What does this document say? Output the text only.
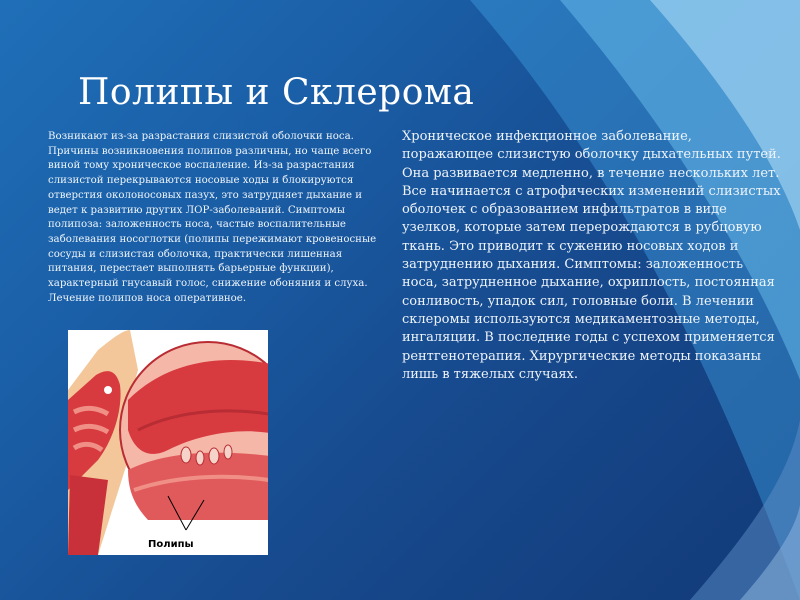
Полипы и Склерома

Возникают из-за разрастания слизистой оболочки носа. Причины возникновения полипов различны, но чаще всего виной тому хроническое воспаление. Из-за разрастания слизистой перекрываются носовые ходы и блокируются отверстия околоносовых пазух, это затрудняет дыхание и ведет к развитию других ЛОР-заболеваний. Симптомы полипоза: заложенность носа, частые воспалительные заболевания носоглотки (полипы пережимают кровеносные сосуды и слизистая оболочка, практически лишенная питания, перестает выполнять барьерные функции), характерный гнусавый голос, снижение обоняния и слуха. Лечение полипов носа оперативное.

Хроническое инфекционное заболевание, поражающее слизистую оболочку дыхательных путей. Она развивается медленно, в течение нескольких лет. Все начинается с атрофических изменений слизистых оболочек с образованием инфильтратов в виде узелков, которые затем перерождаются в рубцовую ткань. Это приводит к сужению носовых ходов и затруднению дыхания. Симптомы: заложенность носа, затрудненное дыхание, охриплость, постоянная сонливость, упадок сил, головные боли. В лечении склеромы используются медикаментозные методы, ингаляции. В последние годы с успехом применяется рентгенотерапия. Хирургические методы показаны лишь в тяжелых случаях.

Полипы
